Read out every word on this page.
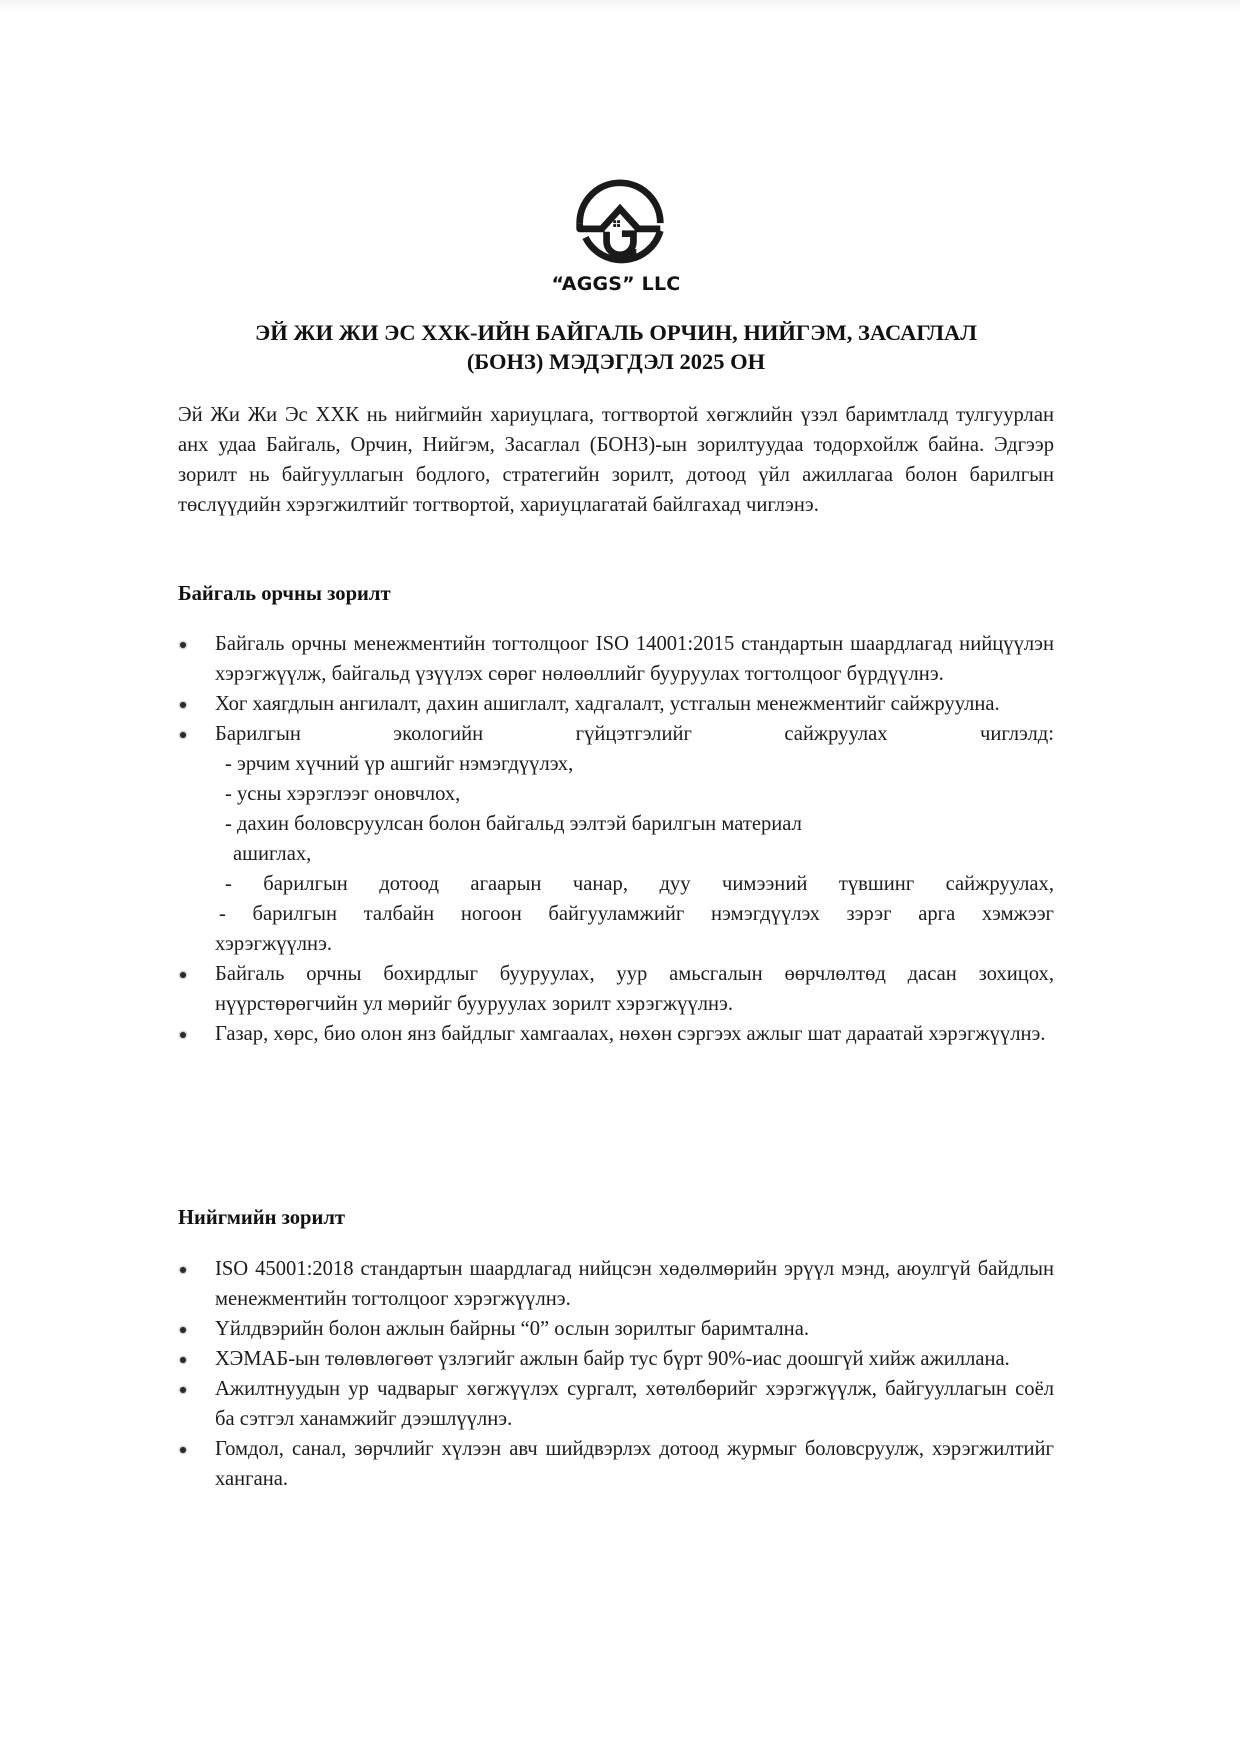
“AGGS” LLC
ЭЙ ЖИ ЖИ ЭС ХХК-ИЙН БАЙГАЛЬ ОРЧИН, НИЙГЭМ, ЗАСАГЛАЛ
(БОНЗ) МЭДЭГДЭЛ 2025 ОН

Эй Жи Жи Эс ХХК нь нийгмийн хариуцлага, тогтвортой хөгжлийн үзэл баримтлалд тулгуурлан анх удаа Байгаль, Орчин, Нийгэм, Засаглал (БОНЗ)-ын зорилтуудаа тодорхойлж байна. Эдгээр зорилт нь байгууллагын бодлого, стратегийн зорилт, дотоод үйл ажиллагаа болон барилгын төслүүдийн хэрэгжилтийг тогтвортой, хариуцлагатай байлгахад чиглэнэ.

Байгаль орчны зорилт
Байгаль орчны менежментийн тогтолцоог ISO 14001:2015 стандартын шаардлагад нийцүүлэн хэрэгжүүлж, байгальд үзүүлэх сөрөг нөлөөллийг бууруулах тогтолцоог бүрдүүлнэ.
Хог хаягдлын ангилалт, дахин ашиглалт, хадгалалт, устгалын менежментийг сайжруулна.
Барилгын экологийн гүйцэтгэлийг сайжруулах чиглэлд:
- эрчим хүчний үр ашгийг нэмэгдүүлэх,
- усны хэрэглээг оновчлох,
- дахин боловсруулсан болон байгальд ээлтэй барилгын материал
ашиглах,
- барилгын дотоод агаарын чанар, дуу чимээний түвшинг сайжруулах,
- барилгын талбайн ногоон байгууламжийг нэмэгдүүлэх зэрэг арга хэмжээг
хэрэгжүүлнэ.
Байгаль орчны бохирдлыг бууруулах, уур амьсгалын өөрчлөлтөд дасан зохицох, нүүрстөрөгчийн ул мөрийг бууруулах зорилт хэрэгжүүлнэ.
Газар, хөрс, био олон янз байдлыг хамгаалах, нөхөн сэргээх ажлыг шат дараатай хэрэгжүүлнэ.
Нийгмийн зорилт
ISO 45001:2018 стандартын шаардлагад нийцсэн хөдөлмөрийн эрүүл мэнд, аюулгүй байдлын менежментийн тогтолцоог хэрэгжүүлнэ.
Үйлдвэрийн болон ажлын байрны “0” ослын зорилтыг баримтална.
ХЭМАБ-ын төлөвлөгөөт үзлэгийг ажлын байр тус бүрт 90%-иас доошгүй хийж ажиллана.
Ажилтнуудын ур чадварыг хөгжүүлэх сургалт, хөтөлбөрийг хэрэгжүүлж, байгууллагын соёл ба сэтгэл ханамжийг дээшлүүлнэ.
Гомдол, санал, зөрчлийг хүлээн авч шийдвэрлэх дотоод журмыг боловсруулж, хэрэгжилтийг хангана.
